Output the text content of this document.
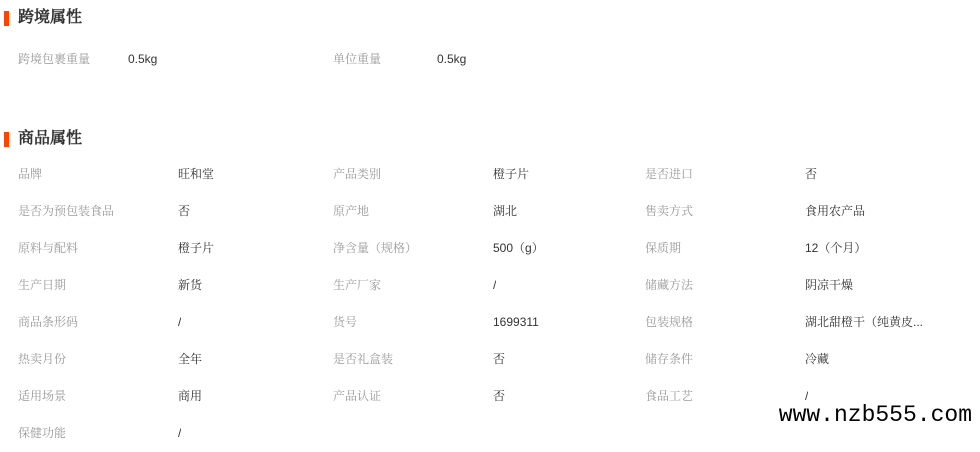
跨境属性
跨境包裹重量	0.5kg	单位重量	0.5kg
商品属性
品牌	旺和堂	产品类别	橙子片	是否进口	否
是否为预包装食品	否	原产地	湖北	售卖方式	食用农产品
原料与配料	橙子片	净含量（规格）	500（g）	保质期	12（个月）
生产日期	新货	生产厂家	/	储藏方法	阴凉干燥
商品条形码	/	货号	1699311	包装规格	湖北甜橙干（纯黄皮...
热卖月份	全年	是否礼盒装	否	储存条件	冷藏
适用场景	商用	产品认证	否	食品工艺	/
保健功能	/
www.nzb555.com
